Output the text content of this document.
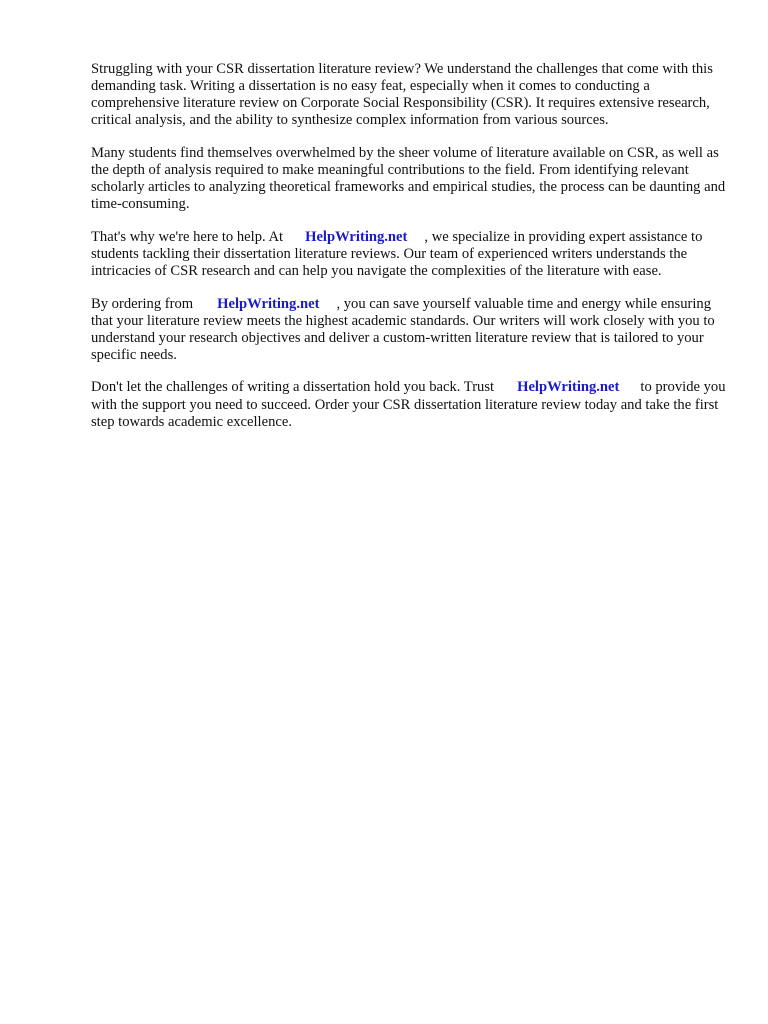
Struggling with your CSR dissertation literature review? We understand the challenges that come with this demanding task. Writing a dissertation is no easy feat, especially when it comes to conducting a comprehensive literature review on Corporate Social Responsibility (CSR). It requires extensive research, critical analysis, and the ability to synthesize complex information from various sources.

Many students find themselves overwhelmed by the sheer volume of literature available on CSR, as well as the depth of analysis required to make meaningful contributions to the field. From identifying relevant scholarly articles to analyzing theoretical frameworks and empirical studies, the process can be daunting and time-consuming.

That's why we're here to help. At HelpWriting.net , we specialize in providing expert assistance to students tackling their dissertation literature reviews. Our team of experienced writers understands the intricacies of CSR research and can help you navigate the complexities of the literature with ease.

By ordering from HelpWriting.net , you can save yourself valuable time and energy while ensuring that your literature review meets the highest academic standards. Our writers will work closely with you to understand your research objectives and deliver a custom-written literature review that is tailored to your specific needs.

Don't let the challenges of writing a dissertation hold you back. Trust HelpWriting.net to provide you with the support you need to succeed. Order your CSR dissertation literature review today and take the first step towards academic excellence.
